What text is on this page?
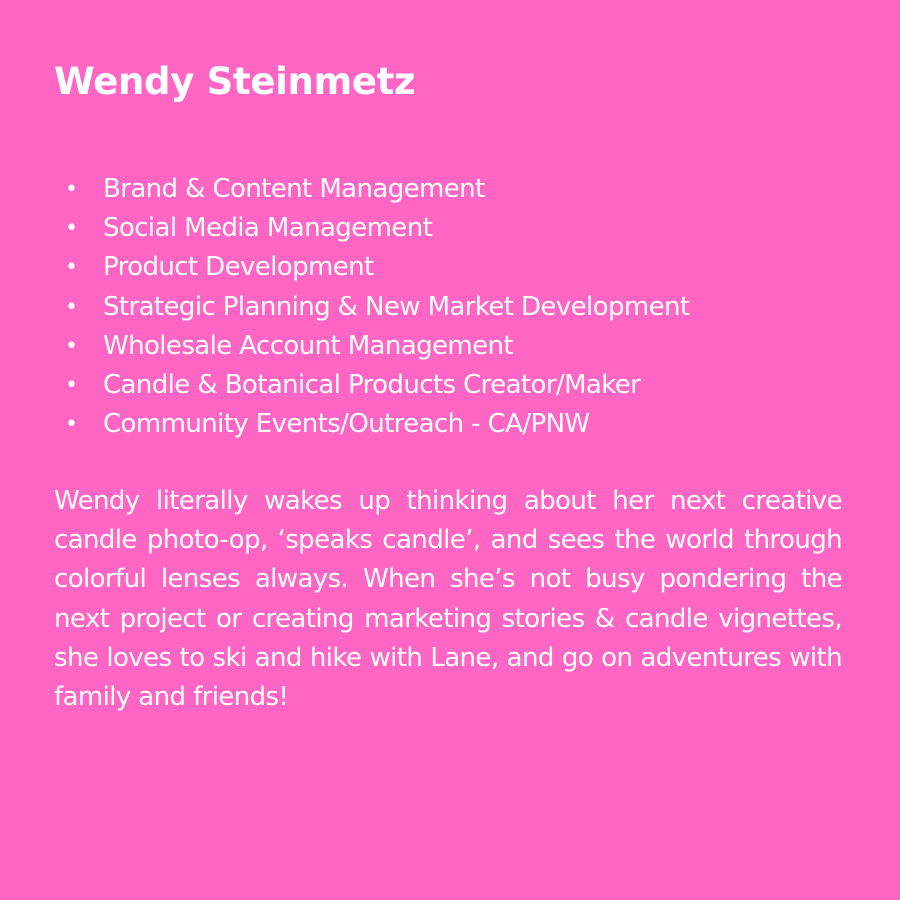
Wendy Steinmetz
• Brand & Content Management
• Social Media Management
• Product Development
• Strategic Planning & New Market Development
• Wholesale Account Management
• Candle & Botanical Products Creator/Maker
• Community Events/Outreach - CA/PNW

Wendy literally wakes up thinking about her next creative candle photo-op, ‘speaks candle’, and sees the world through colorful lenses always. When she’s not busy pondering the next project or creating marketing stories & candle vignettes, she loves to ski and hike with Lane, and go on adventures with family and friends!
